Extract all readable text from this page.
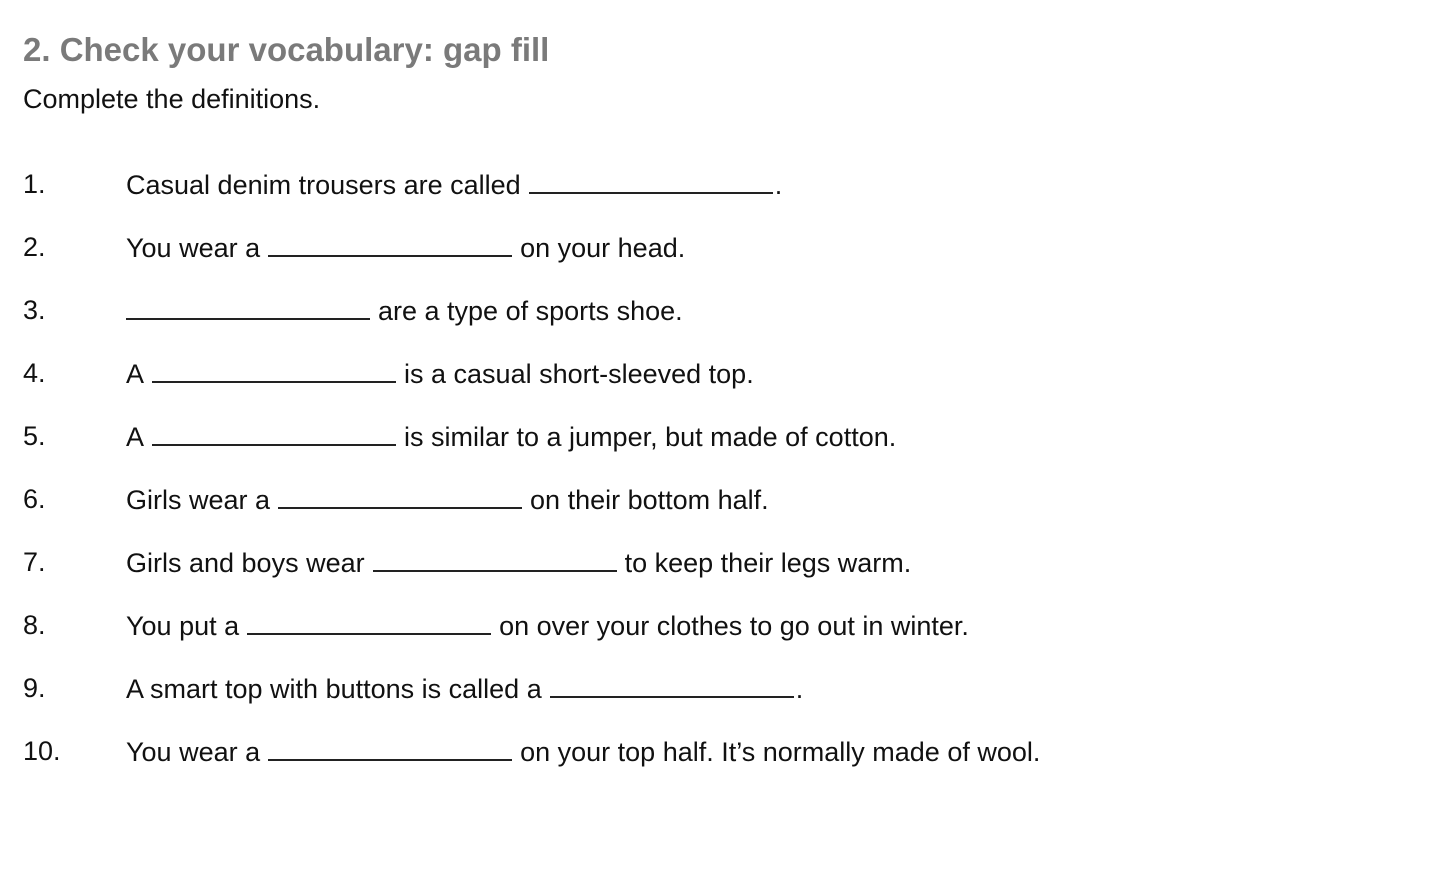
2. Check your vocabulary: gap fill

Complete the definitions.

1.	Casual denim trousers are called	.
2.	You wear a	on your head.
3.	are a type of sports shoe.
4.	A	is a casual short-sleeved top.
5.	A	is similar to a jumper, but made of cotton.
6.	Girls wear a	on their bottom half.
7.	Girls and boys wear	to keep their legs warm.
8.	You put a	on over your clothes to go out in winter.
9.	A smart top with buttons is called a	.
10. You wear a	on your top half. It’s normally made of wool.
